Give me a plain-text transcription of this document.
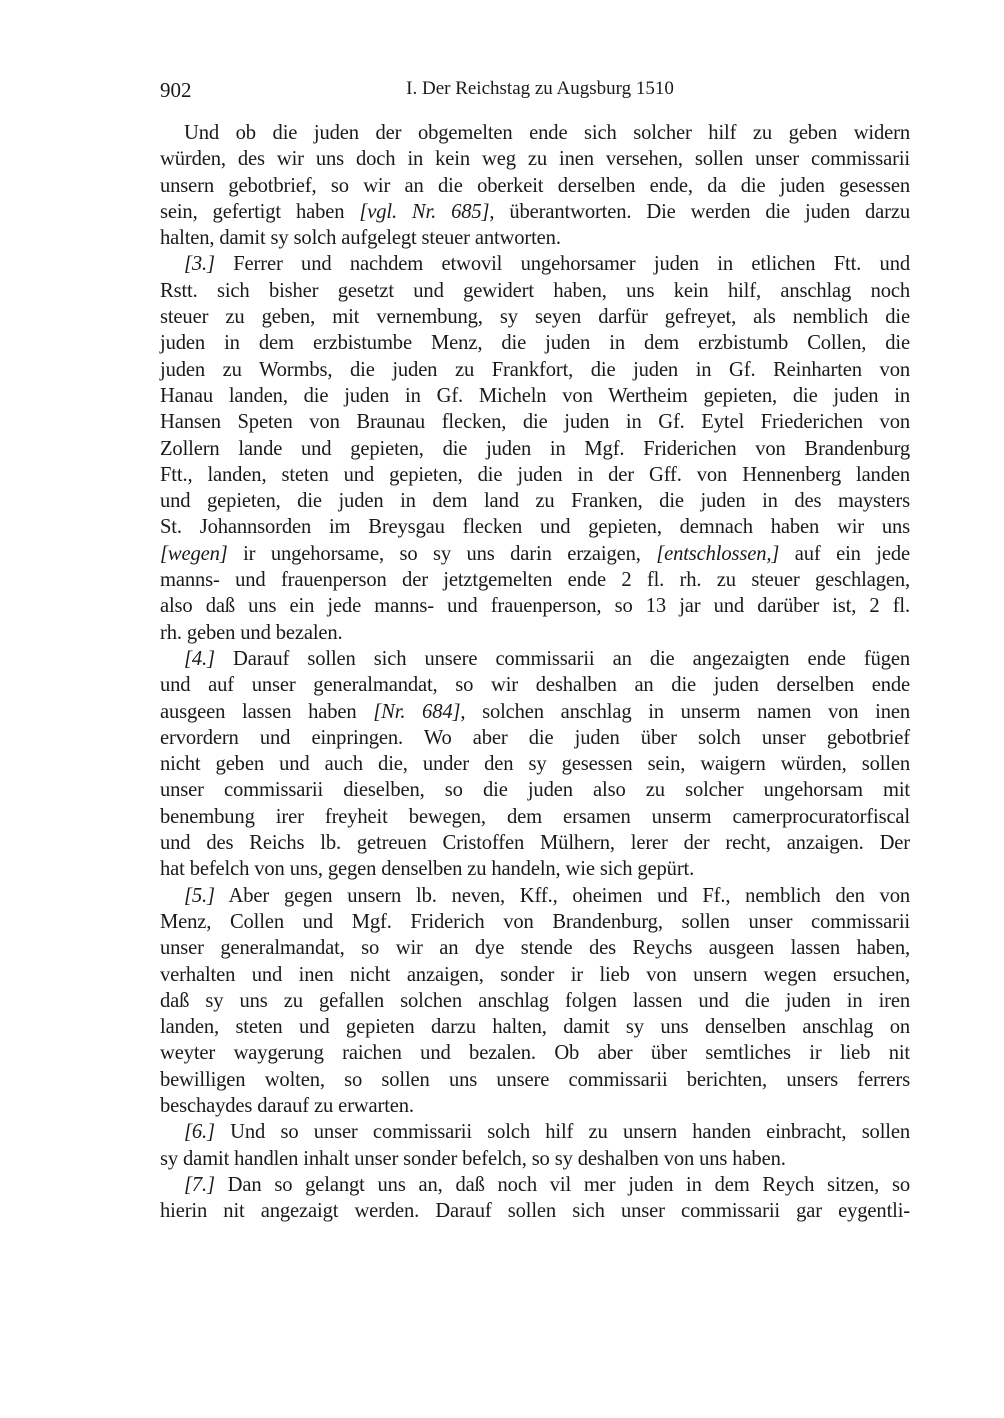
902	I. Der Reichstag zu Augsburg 1510
Und ob die juden der obgemelten ende sich solcher hilf zu geben widern
würden, des wir uns doch in kein weg zu inen versehen, sollen unser commissarii
unsern gebotbrief, so wir an die oberkeit derselben ende, da die juden gesessen
sein, gefertigt haben [vgl. Nr. 685], überantworten. Die werden die juden darzu
halten, damit sy solch aufgelegt steuer antworten.
[3.] Ferrer und nachdem etwovil ungehorsamer juden in etlichen Ftt. und
Rstt. sich bisher gesetzt und gewidert haben, uns kein hilf, anschlag noch
steuer zu geben, mit vernembung, sy seyen darfür gefreyet, als nemblich die
juden in dem erzbistumbe Menz, die juden in dem erzbistumb Collen, die
juden zu Wormbs, die juden zu Frankfort, die juden in Gf. Reinharten von
Hanau landen, die juden in Gf. Micheln von Wertheim gepieten, die juden in
Hansen Speten von Braunau flecken, die juden in Gf. Eytel Friederichen von
Zollern lande und gepieten, die juden in Mgf. Friderichen von Brandenburg
Ftt., landen, steten und gepieten, die juden in der Gff. von Hennenberg landen
und gepieten, die juden in dem land zu Franken, die juden in des maysters
St. Johannsorden im Breysgau flecken und gepieten, demnach haben wir uns
[wegen] ir ungehorsame, so sy uns darin erzaigen, [entschlossen,] auf ein jede
manns- und frauenperson der jetztgemelten ende 2 fl. rh. zu steuer geschlagen,
also daß uns ein jede manns- und frauenperson, so 13 jar und darüber ist, 2 fl.
rh. geben und bezalen.
[4.] Darauf sollen sich unsere commissarii an die angezaigten ende fügen
und auf unser generalmandat, so wir deshalben an die juden derselben ende
ausgeen lassen haben [Nr. 684], solchen anschlag in unserm namen von inen
ervordern und einpringen. Wo aber die juden über solch unser gebotbrief
nicht geben und auch die, under den sy gesessen sein, waigern würden, sollen
unser commissarii dieselben, so die juden also zu solcher ungehorsam mit
benembung irer freyheit bewegen, dem ersamen unserm camerprocuratorfiscal
und des Reichs lb. getreuen Cristoffen Mülhern, lerer der recht, anzaigen. Der
hat befelch von uns, gegen denselben zu handeln, wie sich gepürt.
[5.] Aber gegen unsern lb. neven, Kff., oheimen und Ff., nemblich den von
Menz, Collen und Mgf. Friderich von Brandenburg, sollen unser commissarii
unser generalmandat, so wir an dye stende des Reychs ausgeen lassen haben,
verhalten und inen nicht anzaigen, sonder ir lieb von unsern wegen ersuchen,
daß sy uns zu gefallen solchen anschlag folgen lassen und die juden in iren
landen, steten und gepieten darzu halten, damit sy uns denselben anschlag on
weyter waygerung raichen und bezalen. Ob aber über semtliches ir lieb nit
bewilligen wolten, so sollen uns unsere commissarii berichten, unsers ferrers
beschaydes darauf zu erwarten.
[6.] Und so unser commissarii solch hilf zu unsern handen einbracht, sollen
sy damit handlen inhalt unser sonder befelch, so sy deshalben von uns haben.
[7.] Dan so gelangt uns an, daß noch vil mer juden in dem Reych sitzen, so
hierin nit angezaigt werden. Darauf sollen sich unser commissarii gar eygentli-
